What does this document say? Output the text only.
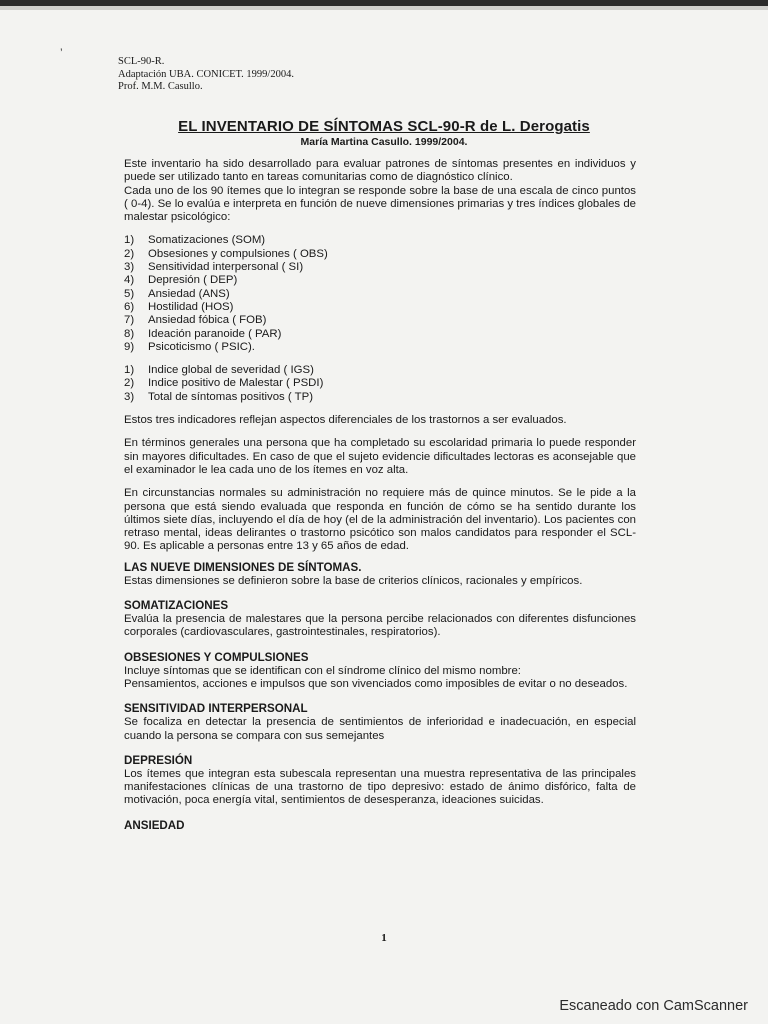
’
SCL-90-R.
Adaptación UBA. CONICET. 1999/2004.
Prof. M.M. Casullo.
EL INVENTARIO DE SÍNTOMAS SCL-90-R de L. Derogatis
María Martina Casullo. 1999/2004.

Este inventario ha sido desarrollado para evaluar patrones de síntomas presentes en individuos y puede ser utilizado tanto en tareas comunitarias como de diagnóstico clínico.

Cada uno de los 90 ítemes que lo integran se responde sobre la base de una escala de cinco puntos ( 0-4). Se lo evalúa e interpreta en función de nueve dimensiones primarias y tres índices globales de malestar psicológico:

1)	Somatizaciones (SOM)
2)	Obsesiones y compulsiones ( OBS)
3)	Sensitividad interpersonal ( SI)
4)	Depresión ( DEP)
5)	Ansiedad (ANS)
6)	Hostilidad (HOS)
7)	Ansiedad fóbica ( FOB)
8)	Ideación paranoide ( PAR)
9)	Psicoticismo ( PSIC).
1)	Indice global de severidad ( IGS)
2)	Indice positivo de Malestar ( PSDI)
3)	Total de síntomas positivos ( TP)

Estos tres indicadores reflejan aspectos diferenciales de los trastornos a ser evaluados.

En términos generales una persona que ha completado su escolaridad primaria lo puede responder sin mayores dificultades. En caso de que el sujeto evidencie dificultades lectoras es aconsejable que el examinador le lea cada uno de los ítemes en voz alta.

En circunstancias normales su administración no requiere más de quince minutos. Se le pide a la persona que está siendo evaluada que responda en función de cómo se ha sentido durante los últimos siete días, incluyendo el día de hoy (el de la administración del inventario). Los pacientes con retraso mental, ideas delirantes o trastorno psicótico son malos candidatos para responder el SCL-90. Es aplicable a personas entre 13 y 65 años de edad.

LAS NUEVE DIMENSIONES DE SÍNTOMAS.

Estas dimensiones se definieron sobre la base de criterios clínicos, racionales y empíricos.

SOMATIZACIONES

Evalúa la presencia de malestares que la persona percibe relacionados con diferentes disfunciones corporales (cardiovasculares, gastrointestinales, respiratorios).

OBSESIONES Y COMPULSIONES

Incluye síntomas que se identifican con el síndrome clínico del mismo nombre:

Pensamientos, acciones e impulsos que son vivenciados como imposibles de evitar o no deseados.

SENSITIVIDAD INTERPERSONAL

Se focaliza en detectar la presencia de sentimientos de inferioridad e inadecuación, en especial cuando la persona se compara con sus semejantes

DEPRESIÓN

Los ítemes que integran esta subescala representan una muestra representativa de las principales manifestaciones clínicas de una trastorno de tipo depresivo: estado de ánimo disfórico, falta de motivación, poca energía vital, sentimientos de desesperanza, ideaciones suicidas.

ANSIEDAD
1
Escaneado con CamScanner
